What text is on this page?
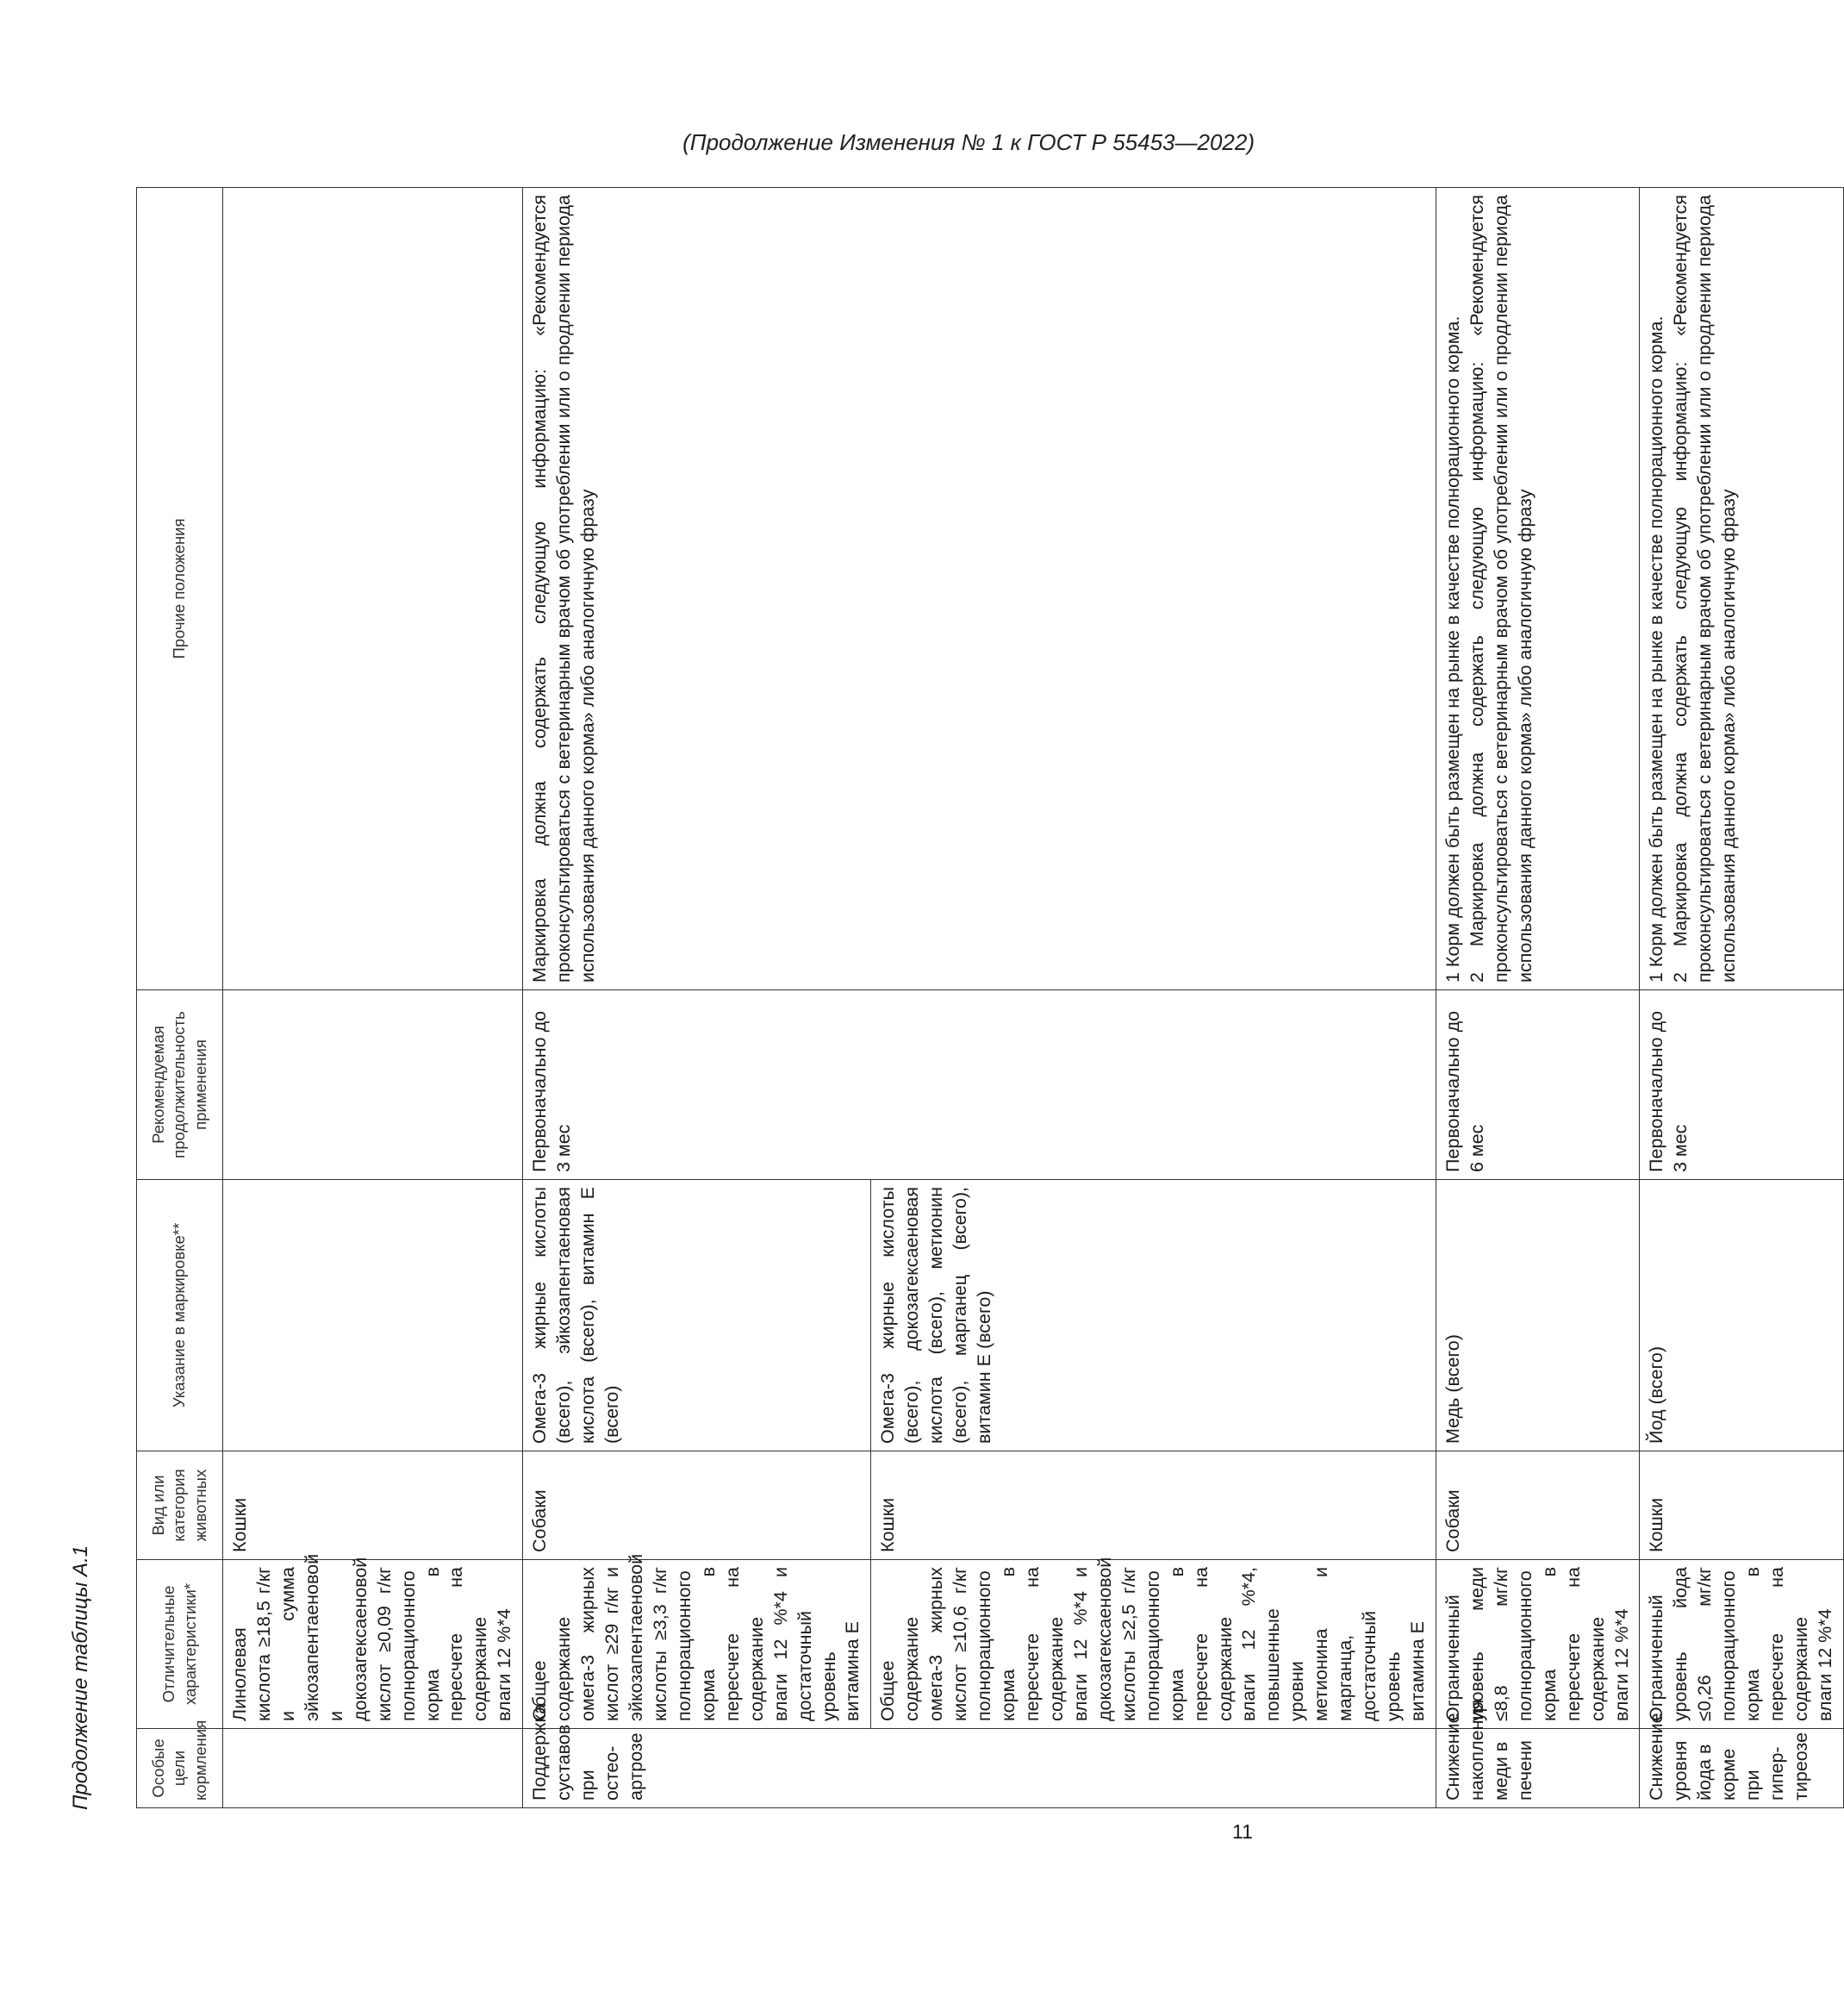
(Продолжение Изменения № 1 к ГОСТ Р 55453—2022)
Продолжение таблицы А.1	Особые цели кормления	Отличительные характеристики*	Вид или категория животных	Указание в маркировке**	Рекомендуемая продолжительность применения	Прочие положения
	Линолевая кислота ≥18,5 г/кг и сумма эйкозапентаеновой и докозагексаеновой кислот ≥0,09 г/кг полнорационного корма в пересчете на содержание влаги 12 %*4	Кошки			
Поддержка суставов при остео-артрозе	Общее содержание омега-3 жирных кислот ≥29 г/кг и эйкозапентаеновой кислоты ≥3,3 г/кг полнорационного корма в пересчете на содержание влаги 12 %*4 и достаточный уровень витамина Е	Собаки	Омега-3 жирные кислоты (всего), эйкозапентаеновая кислота (всего), витамин Е (всего)	Первоначально до 3 мес	Маркировка должна содержать следующую информацию: «Рекомендуется проконсультироваться с ветеринарным врачом об употреблении или о продлении периода использования данного корма» либо аналогичную фразу
	Общее содержание омега-3 жирных кислот ≥10,6 г/кг полнорационного корма в пересчете на содержание влаги 12 %*4 и докозагексаеновой кислоты ≥2,5 г/кг полнорационного корма в пересчете на содержание влаги 12 %*4, повышенные уровни метионина и марганца, достаточный уровень витамина Е	Кошки	Омега-3 жирные кислоты (всего), докозагексаеновая кислота (всего), метионин (всего), марганец (всего), витамин Е (всего)		
Снижение накопления меди в печени	Ограниченный уровень меди ≤8,8 мг/кг полнорационного корма в пересчете на содержание влаги 12 %*4	Собаки	Медь (всего)	Первоначально до 6 мес	1 Корм должен быть размещен на рынке в качестве полнорационного корма.
2 Маркировка должна содержать следующую информацию: «Рекомендуется проконсультироваться с ветеринарным врачом об употреблении или о продлении периода использования данного корма» либо аналогичную фразу
Снижение уровня йода в корме при гипер-тиреозе	Ограниченный уровень йода ≤0,26 мг/кг полнорационного корма в пересчете на содержание влаги 12 %*4	Кошки	Йод (всего)	Первоначально до 3 мес	1 Корм должен быть размещен на рынке в качестве полнорационного корма.
2 Маркировка должна содержать следующую информацию: «Рекомендуется проконсультироваться с ветеринарным врачом об употреблении или о продлении периода использования данного корма» либо аналогичную фразу
11
